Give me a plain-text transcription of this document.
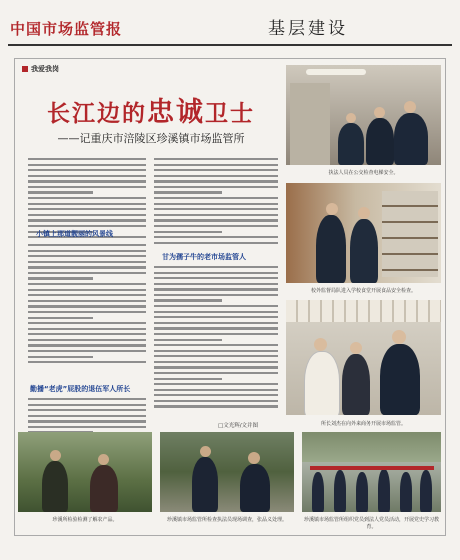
中国市场监管报	基层建设
我爱我岗
长江边的忠诚卫士
——记重庆市涪陵区珍溪镇市场监管所
小镇上那道靓丽的风景线
勤播“老虎”屁股的退伍军人所长
甘为孺子牛的老市场监管人
□文光辉/文并图
执法人员在公交检查电梯安全。
校外监督局队进入学校食堂开展食品安全检查。
所长刘杰在向外来商务开展市场监管。
珍溪所检验检测了解农产品。	珍溪镇市场监管所检查执法员现场调查，张品义处理。	珍溪镇市场监管所组织党员到法人党员活动，开展党史学习教育。
